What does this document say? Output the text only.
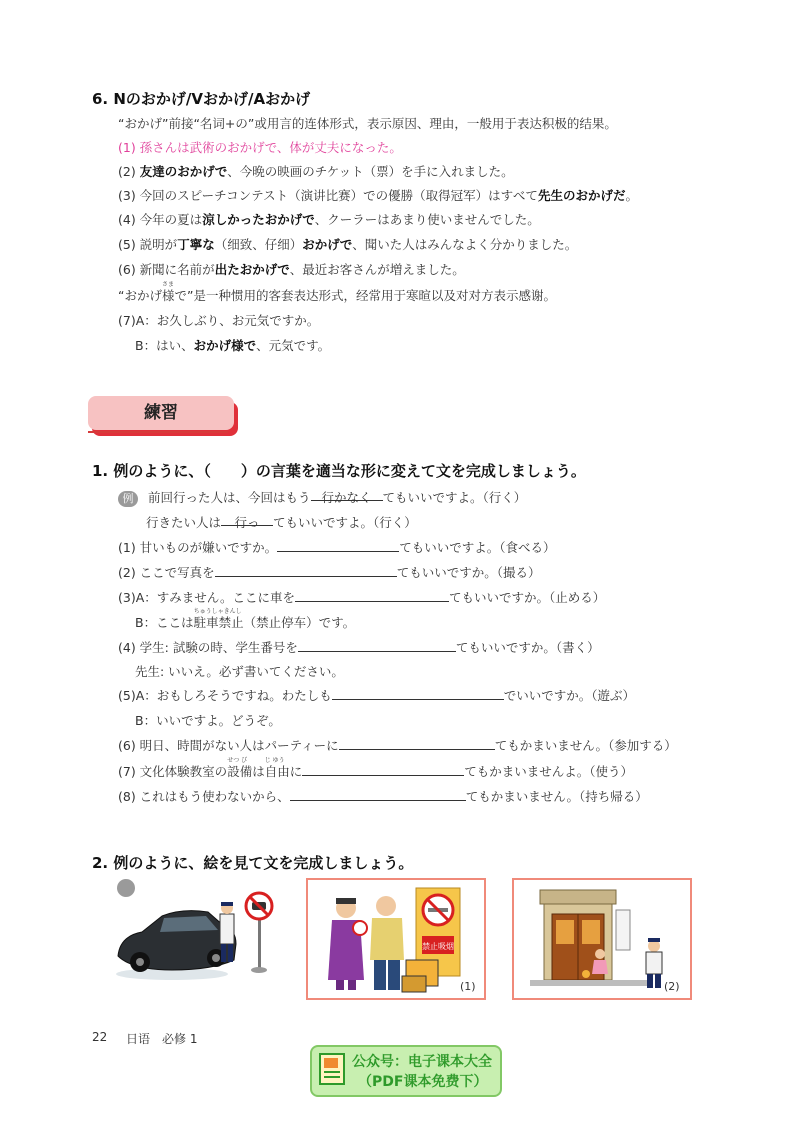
6. Nのおかげ/Vおかげ/Aおかげ
“おかげ”前接“名词+の”或用言的连体形式，表示原因、理由，一般用于表达积极的结果。
(1) 孫さんは武術のおかげで、体が丈夫になった。
(2) 友達のおかげで、今晩の映画のチケット（票）を手に入れました。
(3) 今回のスピーチコンテスト（演讲比赛）での優勝（取得冠军）はすべて先生のおかげだ。
(4) 今年の夏は涼しかったおかげで、クーラーはあまり使いませんでした。
(5) 説明が丁寧な（细致、仔细）おかげで、聞いた人はみんなよく分かりました。
(6) 新聞に名前が出たおかげで、最近お客さんが増えました。
“おかげ
さま
様で”是一种惯用的客套表达形式，经常用于寒暄以及对对方表示感谢。
(7)A：お久しぶり、お元気ですか。
B：はい、おかげ様で、元気です。
練習
1. 例のように、（　　）の言葉を適当な形に変えて文を完成しましょう。
例 前回行った人は、今回はもう 行かなく てもいいですよ。（行く）
行きたい人は 行っ てもいいですよ。（行く）
(1) 甘いものが嫌いですか。	てもいいですよ。（食べる）
(2) ここで写真を	てもいいですか。（撮る）
(3)A：すみません。ここに車を	てもいいですか。（止める）
B：ここは
ちゅうしゃきんし
駐車禁止（禁止停车）です。
(4) 学生: 試験の時、学生番号を	てもいいですか。（書く）
先生: いいえ。必ず書いてください。
(5)A：おもしろそうですね。わたしも	でいいですか。（遊ぶ）
B：いいですよ。どうぞ。
(6) 明日、時間がない人はパーティーに	てもかまいません。（参加する）
(7) 文化体験教室の
せつ び
設備は
じ ゆう
自由に	てもかまいませんよ。（使う）
(8) これはもう使わないから、	てもかまいません。（持ち帰る）
2. 例のように、絵を見て文を完成しましょう。
禁止吸烟
(1)	(2)
22 日语　必修 1
公众号：电子课本大全
（PDF课本免费下）
